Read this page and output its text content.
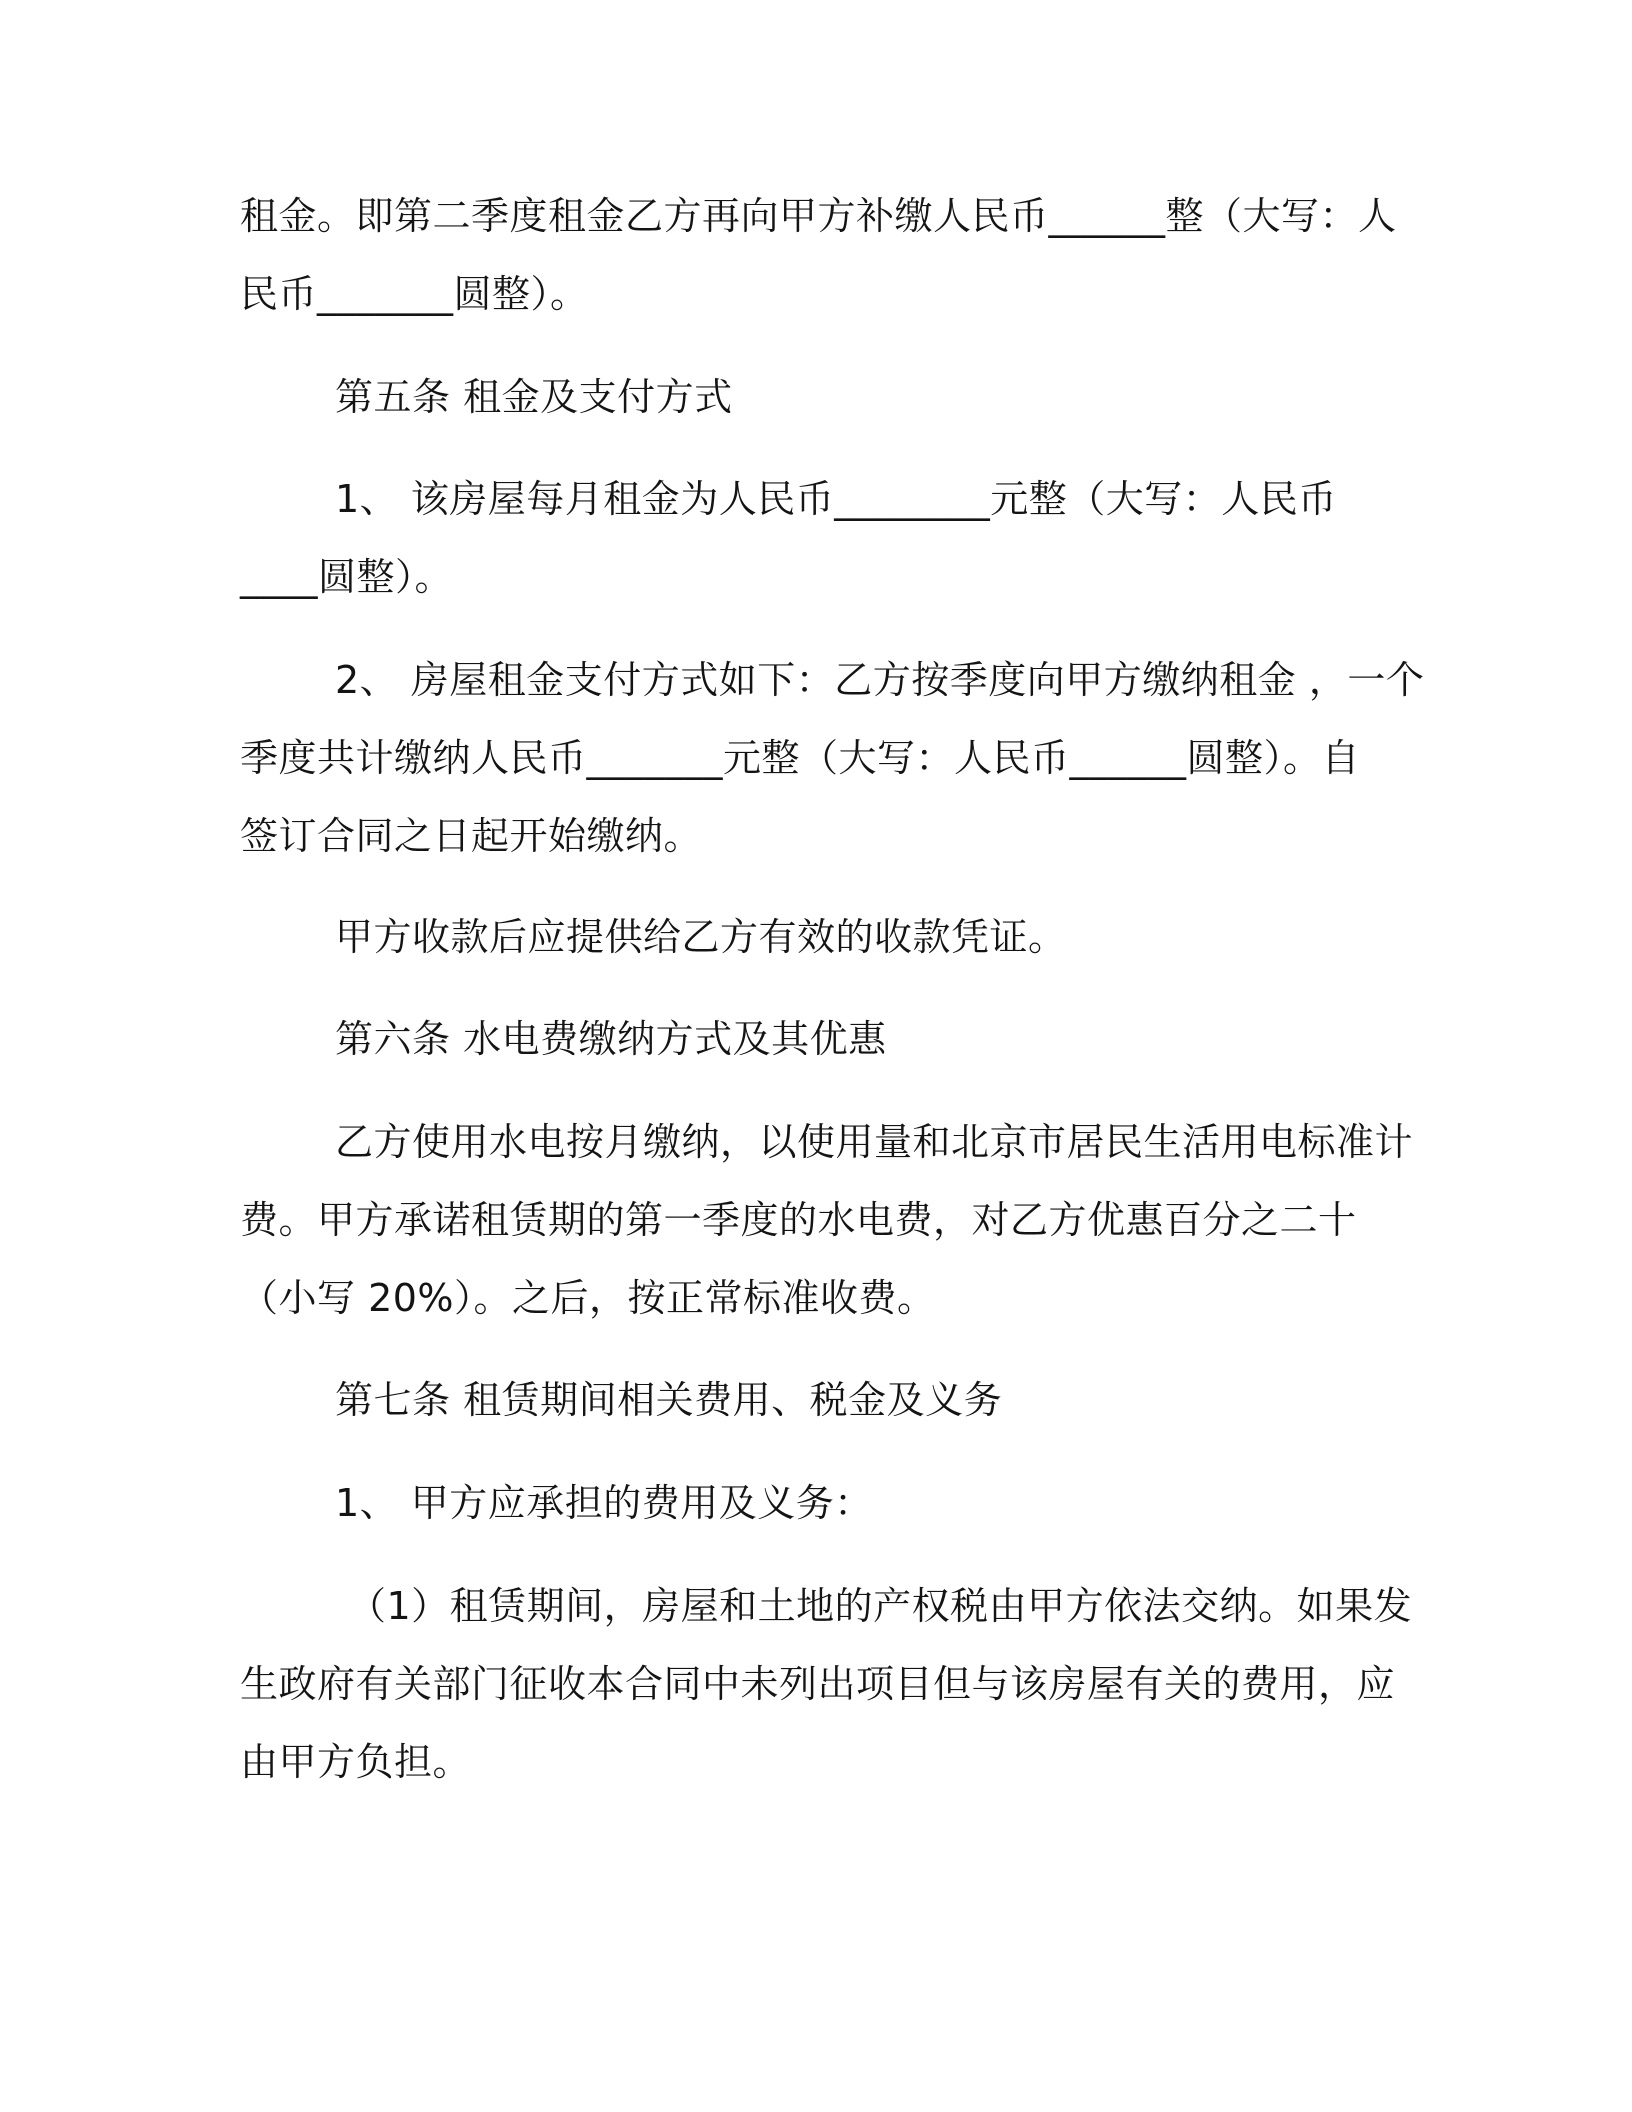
租金。即第二季度租金乙方再向甲方补缴人民币______整（大写：人
民币_______圆整）。
第五条 租金及支付方式
1、 该房屋每月租金为人民币________元整（大写：人民币
____圆整）。
2、 房屋租金支付方式如下：乙方按季度向甲方缴纳租金 ，一个
季度共计缴纳人民币_______元整（大写：人民币______圆整）。自
签订合同之日起开始缴纳。
甲方收款后应提供给乙方有效的收款凭证。
第六条 水电费缴纳方式及其优惠
乙方使用水电按月缴纳，以使用量和北京市居民生活用电标准计
费。甲方承诺租赁期的第一季度的水电费，对乙方优惠百分之二十
（小写 20%）。之后，按正常标准收费。
第七条 租赁期间相关费用、税金及义务
1、 甲方应承担的费用及义务：
（1）租赁期间，房屋和土地的产权税由甲方依法交纳。如果发
生政府有关部门征收本合同中未列出项目但与该房屋有关的费用，应
由甲方负担。
